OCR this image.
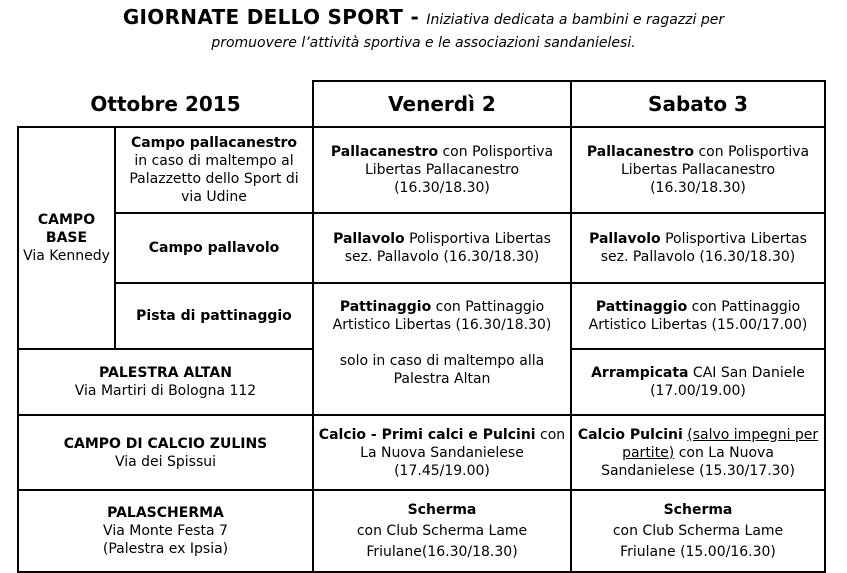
GIORNATE DELLO SPORT - Iniziativa dedicata a bambini e ragazzi per
promuovere l’attività sportiva e le associazioni sandanielesi.
Ottobre 2015	Venerdì 2	Sabato 3
CAMPO BASE
Via Kennedy
Campo pallacanestro
in caso di maltempo al Palazzetto dello Sport di via Udine
Pallacanestro con Polisportiva Libertas Pallacanestro (16.30/18.30)
Pallacanestro con Polisportiva Libertas Pallacanestro (16.30/18.30)
Campo pallavolo
Pallavolo Polisportiva Libertas sez. Pallavolo (16.30/18.30)
Pallavolo Polisportiva Libertas sez. Pallavolo (16.30/18.30)
Pista di pattinaggio
Pattinaggio con Pattinaggio Artistico Libertas (16.30/18.30)
solo in caso di maltempo alla Palestra Altan
Pattinaggio con Pattinaggio Artistico Libertas (15.00/17.00)
PALESTRA ALTAN
Via Martiri di Bologna 112
Arrampicata CAI San Daniele (17.00/19.00)
CAMPO DI CALCIO ZULINS
Via dei Spissui
Calcio - Primi calci e Pulcini con La Nuova Sandanielese (17.45/19.00)
Calcio Pulcini (salvo impegni per partite) con La Nuova Sandanielese (15.30/17.30)
PALASCHERMA
Via Monte Festa 7
(Palestra ex Ipsia)
Scherma
con Club Scherma Lame Friulane(16.30/18.30)
Scherma
con Club Scherma Lame Friulane (15.00/16.30)
